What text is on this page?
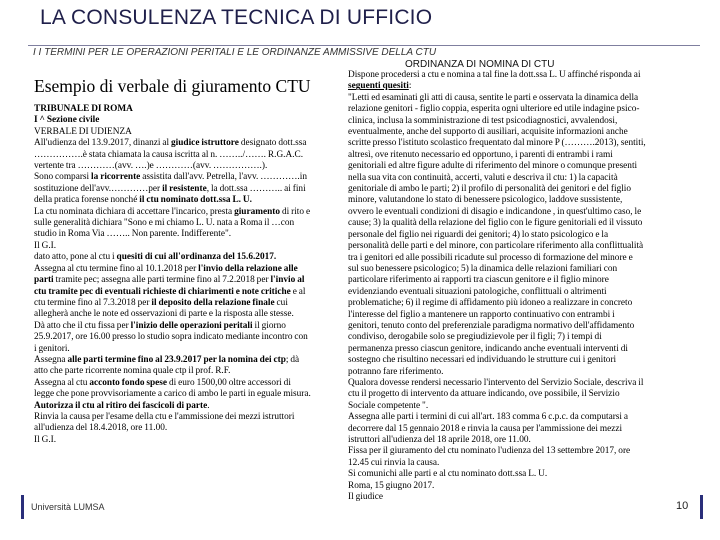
LA CONSULENZA TECNICA DI UFFICIO
I I TERMINI PER LE OPERAZIONI PERITALI E LE ORDINANZE AMMISSIVE DELLA CTU
ORDINANZA DI NOMINA DI CTU
Esempio di verbale di giuramento CTU

TRIBUNALE DI ROMA

I ^ Sezione civile

VERBALE DI UDIENZA

All'udienza del 13.9.2017, dinanzi al giudice istruttore designato dott.ssa

…………….è stata chiamata la causa iscritta al n. ……../……. R.G.A.C.

vertente tra …………(avv. ….)e …………(avv. …………….).

Sono comparsi la ricorrente assistita dall'avv. Petrella, l'avv. ………….in

sostituzione dell'avv.…………per il resistente, la dott.ssa ……….. ai fini

della pratica forense nonché il ctu nominato dott.ssa L. U.

La ctu nominata dichiara di accettare l'incarico, presta giuramento di rito e

sulle generalità dichiara "Sono e mi chiamo L. U. nata a Roma il …con

studio in Roma Via …….. Non parente. Indifferente".

Il G.I.

dato atto, pone al ctu i quesiti di cui all'ordinanza del 15.6.2017.

Assegna al ctu termine fino al 10.1.2018 per l'invio della relazione alle

parti tramite pec; assegna alle parti termine fino al 7.2.2018 per l'invio al

ctu tramite pec di eventuali richieste di chiarimenti e note critiche e al

ctu termine fino al 7.3.2018 per il deposito della relazione finale cui

allegherà anche le note ed osservazioni di parte e la risposta alle stesse.

Dà atto che il ctu fissa per l'inizio delle operazioni peritali il giorno

25.9.2017, ore 16.00 presso lo studio sopra indicato mediante incontro con

i genitori.

Assegna alle parti termine fino al 23.9.2017 per la nomina dei ctp; dà

atto che parte ricorrente nomina quale ctp il prof. R.F.

Assegna al ctu acconto fondo spese di euro 1500,00 oltre accessori di

legge che pone provvisoriamente a carico di ambo le parti in eguale misura.

Autorizza il ctu al ritiro dei fascicoli di parte.

Rinvia la causa per l'esame della ctu e l'ammissione dei mezzi istruttori

all'udienza del 18.4.2018, ore 11.00.

Il G.I.

Dispone procedersi a ctu e nomina a tal fine la dott.ssa L. U affinché risponda ai

seguenti quesiti:

"Letti ed esaminati gli atti di causa, sentite le parti e osservata la dinamica della

relazione genitori - figlio coppia, esperita ogni ulteriore ed utile indagine psico-

clinica, inclusa la somministrazione di test psicodiagnostici, avvalendosi,

eventualmente, anche del supporto di ausiliari, acquisite informazioni anche

scritte presso l'istituto scolastico frequentato dal minore P (……….2013), sentiti,

altresì, ove ritenuto necessario ed opportuno, i parenti di entrambi i rami

genitoriali ed altre figure adulte di riferimento del minore o comunque presenti

nella sua vita con continuità, accerti, valuti e descriva il ctu: 1) la capacità

genitoriale di ambo le parti; 2) il profilo di personalità dei genitori e del figlio

minore, valutandone lo stato di benessere psicologico, laddove sussistente,

ovvero le eventuali condizioni di disagio e indicandone , in quest'ultimo caso, le

cause; 3) la qualità della relazione del figlio con le figure genitoriali ed il vissuto

personale del figlio nei riguardi dei genitori; 4) lo stato psicologico e la

personalità delle parti e del minore, con particolare riferimento alla conflittualità

tra i genitori ed alle possibili ricadute sul processo di formazione del minore e

sul suo benessere psicologico; 5) la dinamica delle relazioni familiari con

particolare riferimento ai rapporti tra ciascun genitore e il figlio minore

evidenziando eventuali situazioni patologiche, conflittuali o altrimenti

problematiche; 6) il regime di affidamento più idoneo a realizzare in concreto

l'interesse del figlio a mantenere un rapporto continuativo con entrambi i

genitori, tenuto conto del preferenziale paradigma normativo dell'affidamento

condiviso, derogabile solo se pregiudizievole per il figli; 7) i tempi di

permanenza presso ciascun genitore, indicando anche eventuali interventi di

sostegno che risultino necessari ed individuando le strutture cui i genitori

potranno fare riferimento.

Qualora dovesse rendersi necessario l'intervento del Servizio Sociale, descriva il

ctu il progetto di intervento da attuare indicando, ove possibile, il Servizio

Sociale competente ".

Assegna alle parti i termini di cui all'art. 183 comma 6 c.p.c. da computarsi a

decorrere dal 15 gennaio 2018 e rinvia la causa per l'ammissione dei mezzi

istruttori all'udienza del 18 aprile 2018, ore 11.00.

Fissa per il giuramento del ctu nominato l'udienza del 13 settembre 2017, ore

12.45 cui rinvia la causa.

Si comunichi alle parti e al ctu nominato dott.ssa L. U.

Roma, 15 giugno 2017.

Il giudice

Università LUMSA	10
